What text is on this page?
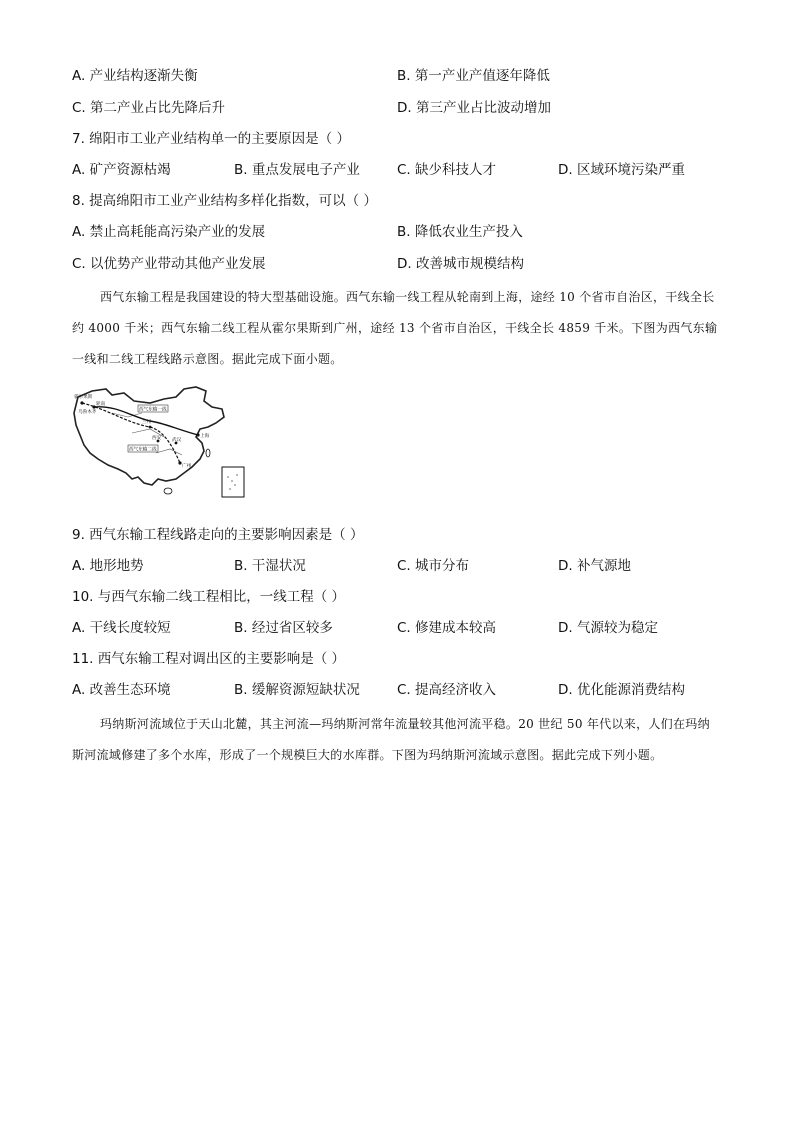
A. 产业结构逐渐失衡	B. 第一产业产值逐年降低
C. 第二产业占比先降后升	D. 第三产业占比波动增加
7. 绵阳市工业产业结构单一的主要原因是（ ）
A. 矿产资源枯竭	B. 重点发展电子产业	C. 缺少科技人才	D. 区域环境污染严重
8. 提高绵阳市工业产业结构多样化指数，可以（ ）
A. 禁止高耗能高污染产业的发展	B. 降低农业生产投入
C. 以优势产业带动其他产业发展	D. 改善城市规模结构
西气东输工程是我国建设的特大型基础设施。西气东输一线工程从轮南到上海，途经 10 个省市自治区，干线全长约 4000 千米；西气东输二线工程从霍尔果斯到广州，途经 13 个省市自治区，干线全长 4859 千米。下图为西气东输一线和二线工程线路示意图。据此完成下面小题。
霍尔果斯
轮南
乌鲁木齐	西气东输一线
西气东输二线
上海
广州
兰州
西安 武汉
9. 西气东输工程线路走向的主要影响因素是（ ）
A. 地形地势	B. 干湿状况	C. 城市分布	D. 补气源地
10. 与西气东输二线工程相比，一线工程（ ）
A. 干线长度较短	B. 经过省区较多	C. 修建成本较高	D. 气源较为稳定
11. 西气东输工程对调出区的主要影响是（ ）
A. 改善生态环境	B. 缓解资源短缺状况	C. 提高经济收入	D. 优化能源消费结构
玛纳斯河流域位于天山北麓，其主河流—玛纳斯河常年流量较其他河流平稳。20 世纪 50 年代以来，人们在玛纳斯河流域修建了多个水库，形成了一个规模巨大的水库群。下图为玛纳斯河流域示意图。据此完成下列小题。
